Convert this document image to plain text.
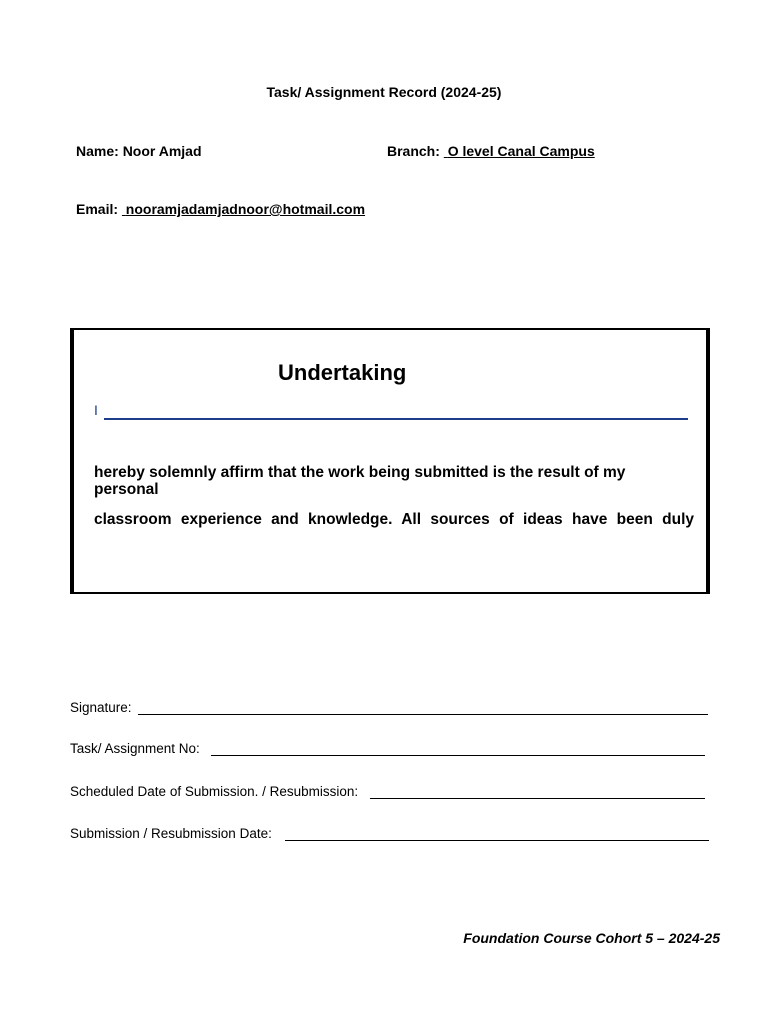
Task/ Assignment Record (2024-25)
Name: Noor Amjad	Branch: O level Canal Campus
Email: nooramjadamjadnoor@hotmail.com
Undertaking
I
hereby solemnly affirm that the work being submitted is the result of my personal
classroom experience and knowledge. All sources of ideas have been duly
Signature:
Task/ Assignment No:
Scheduled Date of Submission. / Resubmission:
Submission / Resubmission Date:
Foundation Course Cohort 5 – 2024-25
